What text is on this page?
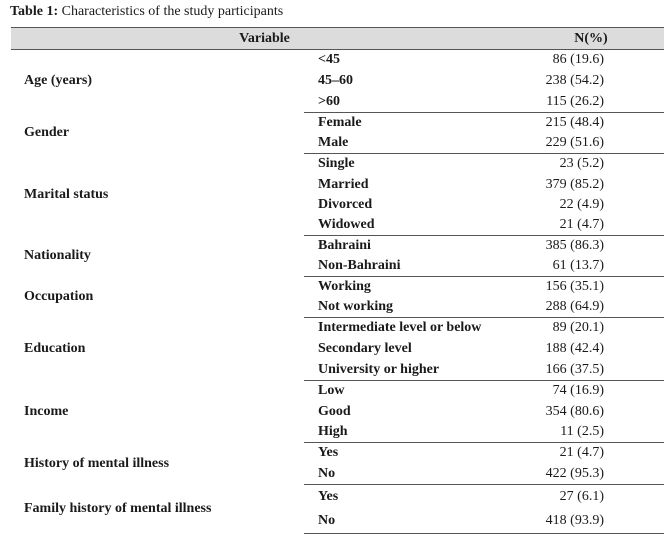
Table 1: Characteristics of the study participants
Variable		N(%)
Age (years)	<45	86 (19.6)
	45–60	238 (54.2)
	>60	115 (26.2)
Gender	Female	215 (48.4)
	Male	229 (51.6)
Marital status	Single	23 (5.2)
	Married	379 (85.2)
	Divorced	22 (4.9)
	Widowed	21 (4.7)
Nationality	Bahraini	385 (86.3)
	Non-Bahraini	61 (13.7)
Occupation	Working	156 (35.1)
	Not working	288 (64.9)
Education	Intermediate level or below	89 (20.1)
	Secondary level	188 (42.4)
	University or higher	166 (37.5)
Income	Low	74 (16.9)
	Good	354 (80.6)
	High	11 (2.5)
History of mental illness	Yes	21 (4.7)
	No	422 (95.3)
Family history of mental illness	Yes	27 (6.1)
	No	418 (93.9)
